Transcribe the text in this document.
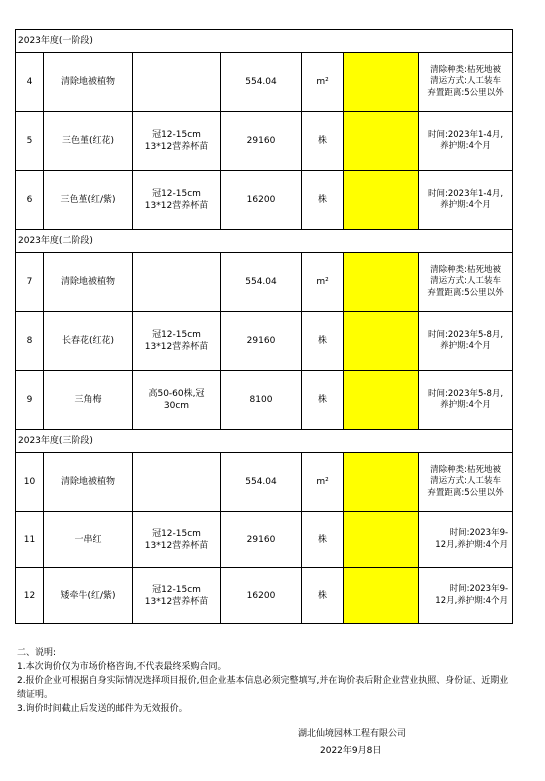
2023年度(一阶段)						
4	清除地被植物		554.04	m²		清除种类:枯死地被
清运方式:人工装车
弃置距离:5公里以外
5	三色堇(红花)	冠12-15cm
13*12营养杯苗	29160	株		时间:2023年1-4月,
养护期:4个月
6	三色堇(红/紫)	冠12-15cm
13*12营养杯苗	16200	株		时间:2023年1-4月,
养护期:4个月
2023年度(二阶段)						
7	清除地被植物		554.04	m²		清除种类:枯死地被
清运方式:人工装车
弃置距离:5公里以外
8	长春花(红花)	冠12-15cm
13*12营养杯苗	29160	株		时间:2023年5-8月,
养护期:4个月
9	三角梅	高50-60株,冠
30cm	8100	株		时间:2023年5-8月,
养护期:4个月
2023年度(三阶段)						
10	清除地被植物		554.04	m²		清除种类:枯死地被
清运方式:人工装车
弃置距离:5公里以外
11	一串红	冠12-15cm
13*12营养杯苗	29160	株		时间:2023年9-
12月,养护期:4个月
12	矮牵牛(红/紫)	冠12-15cm
13*12营养杯苗	16200	株		时间:2023年9-
12月,养护期:4个月
二、说明:
1.本次询价仅为市场价格咨询,不代表最终采购合同。
2.报价企业可根据自身实际情况选择项目报价,但企业基本信息必须完整填写,并在询价表后附企业营业执照、身份证、近期业绩证明。
3.询价时间截止后发送的邮件为无效报价。
湖北仙境园林工程有限公司
2022年9月8日
